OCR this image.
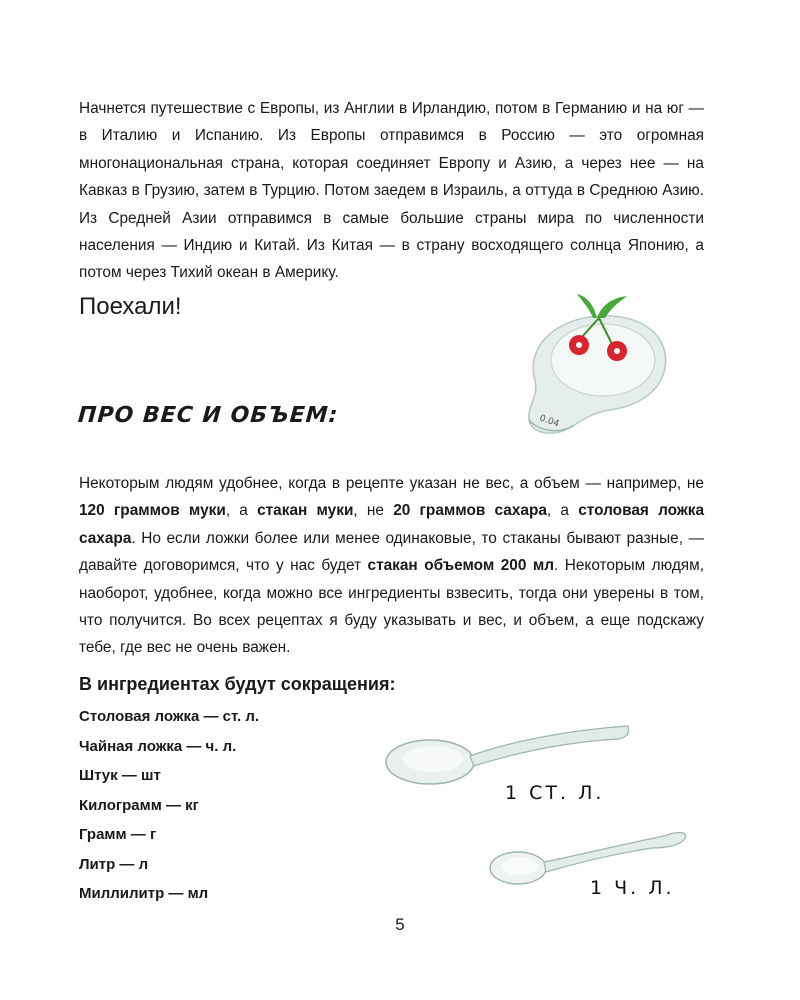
Начнется путешествие с Европы, из Англии в Ирландию, потом в Германию и на юг — в Италию и Испанию. Из Европы отправимся в Россию — это огромная многонациональная страна, которая соединяет Европу и Азию, а через нее — на Кавказ в Грузию, затем в Турцию. Потом заедем в Израиль, а оттуда в Среднюю Азию. Из Средней Азии отправимся в самые большие страны мира по численности населения — Индию и Китай. Из Китая — в страну восходящего солнца Японию, а потом через Тихий океан в Америку.

Поехали!
0.04
ПРО ВЕС И ОБЪЕМ:

Некоторым людям удобнее, когда в рецепте указан не вес, а объем — например, не 120 граммов муки, а стакан муки, не 20 граммов сахара, а столовая ложка сахара. Но если ложки более или менее одинаковые, то стаканы бывают разные, — давайте договоримся, что у нас будет стакан объемом 200 мл. Некоторым людям, наоборот, удобнее, когда можно все ингредиенты взвесить, тогда они уверены в том, что получится. Во всех рецептах я буду указывать и вес, и объем, а еще подскажу тебе, где вес не очень важен.

В ингредиентах будут сокращения:
Столовая ложка — ст. л.
Чайная ложка — ч. л.
Штук — шт
Килограмм — кг
Грамм — г
Литр — л
Миллилитр — мл
1 СТ. Л.
1 Ч. Л.
5
